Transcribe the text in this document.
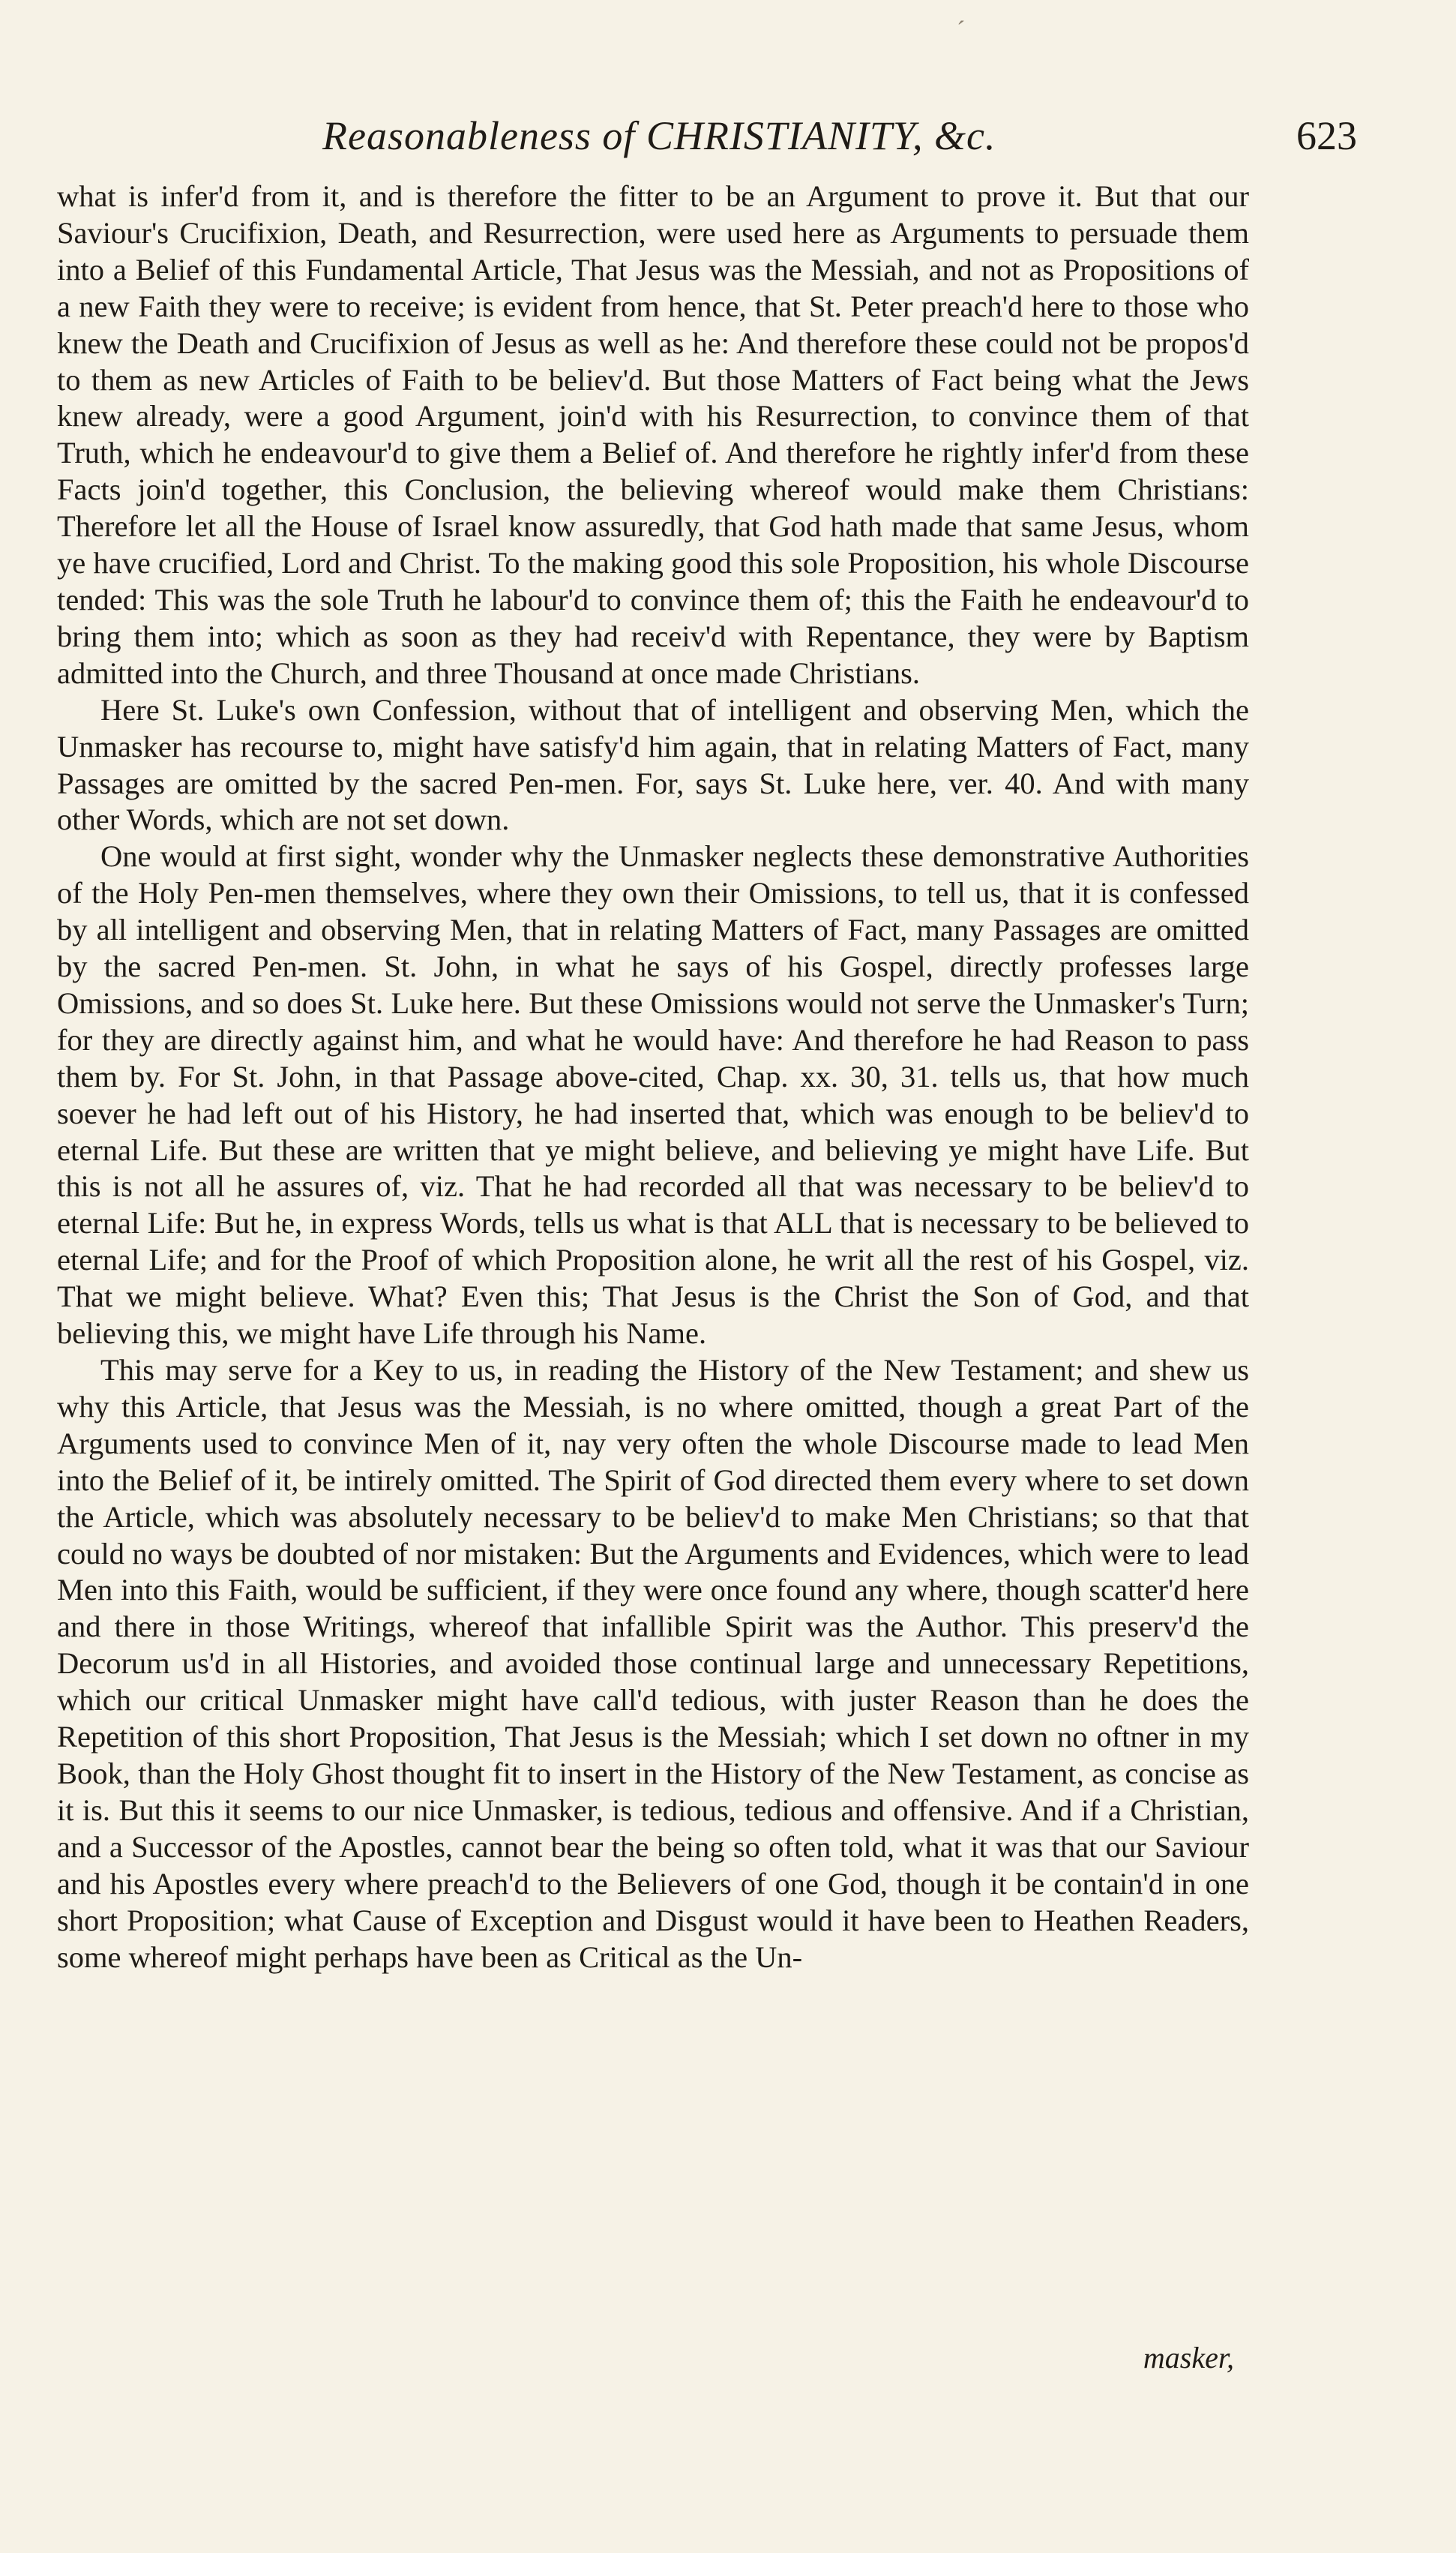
ˊ
Reasonableness of CHRISTIANITY, &c.	623

what is infer'd from it, and is therefore the fitter to be an Argument to prove it. But that our Saviour's Crucifixion, Death, and Resurrection, were used here as Arguments to persuade them into a Belief of this Fundamental Article, That Jesus was the Messiah, and not as Propositions of a new Faith they were to receive; is evident from hence, that St. Peter preach'd here to those who knew the Death and Crucifixion of Jesus as well as he: And therefore these could not be propos'd to them as new Articles of Faith to be believ'd. But those Matters of Fact being what the Jews knew already, were a good Argument, join'd with his Resurrection, to convince them of that Truth, which he endeavour'd to give them a Belief of. And therefore he rightly infer'd from these Facts join'd together, this Conclusion, the believing whereof would make them Christians: Therefore let all the House of Israel know assuredly, that God hath made that same Jesus, whom ye have crucified, Lord and Christ. To the making good this sole Proposition, his whole Discourse tended: This was the sole Truth he labour'd to convince them of; this the Faith he endeavour'd to bring them into; which as soon as they had receiv'd with Repentance, they were by Baptism admitted into the Church, and three Thousand at once made Christians.

Here St. Luke's own Confession, without that of intelligent and observing Men, which the Unmasker has recourse to, might have satisfy'd him again, that in relating Matters of Fact, many Passages are omitted by the sacred Pen-men. For, says St. Luke here, ver. 40. And with many other Words, which are not set down.

One would at first sight, wonder why the Unmasker neglects these demonstrative Authorities of the Holy Pen-men themselves, where they own their Omissions, to tell us, that it is confessed by all intelligent and observing Men, that in relating Matters of Fact, many Passages are omitted by the sacred Pen-men. St. John, in what he says of his Gospel, directly professes large Omissions, and so does St. Luke here. But these Omissions would not serve the Unmasker's Turn; for they are directly against him, and what he would have: And therefore he had Reason to pass them by. For St. John, in that Passage above-cited, Chap. xx. 30, 31. tells us, that how much soever he had left out of his History, he had inserted that, which was enough to be believ'd to eternal Life. But these are written that ye might believe, and believing ye might have Life. But this is not all he assures of, viz. That he had recorded all that was necessary to be believ'd to eternal Life: But he, in express Words, tells us what is that ALL that is necessary to be believed to eternal Life; and for the Proof of which Proposition alone, he writ all the rest of his Gospel, viz. That we might believe. What? Even this; That Jesus is the Christ the Son of God, and that believing this, we might have Life through his Name.

This may serve for a Key to us, in reading the History of the New Testament; and shew us why this Article, that Jesus was the Messiah, is no where omitted, though a great Part of the Arguments used to convince Men of it, nay very often the whole Discourse made to lead Men into the Belief of it, be intirely omitted. The Spirit of God directed them every where to set down the Article, which was absolutely necessary to be believ'd to make Men Christians; so that that could no ways be doubted of nor mistaken: But the Arguments and Evidences, which were to lead Men into this Faith, would be sufficient, if they were once found any where, though scatter'd here and there in those Writings, whereof that infallible Spirit was the Author. This preserv'd the Decorum us'd in all Histories, and avoided those continual large and unnecessary Repetitions, which our critical Unmasker might have call'd tedious, with juster Reason than he does the Repetition of this short Proposition, That Jesus is the Messiah; which I set down no oftner in my Book, than the Holy Ghost thought fit to insert in the History of the New Testament, as concise as it is. But this it seems to our nice Unmasker, is tedious, tedious and offensive. And if a Christian, and a Successor of the Apostles, cannot bear the being so often told, what it was that our Saviour and his Apostles every where preach'd to the Believers of one God, though it be contain'd in one short Proposition; what Cause of Exception and Disgust would it have been to Heathen Readers, some whereof might perhaps have been as Critical as the Un-

masker,
